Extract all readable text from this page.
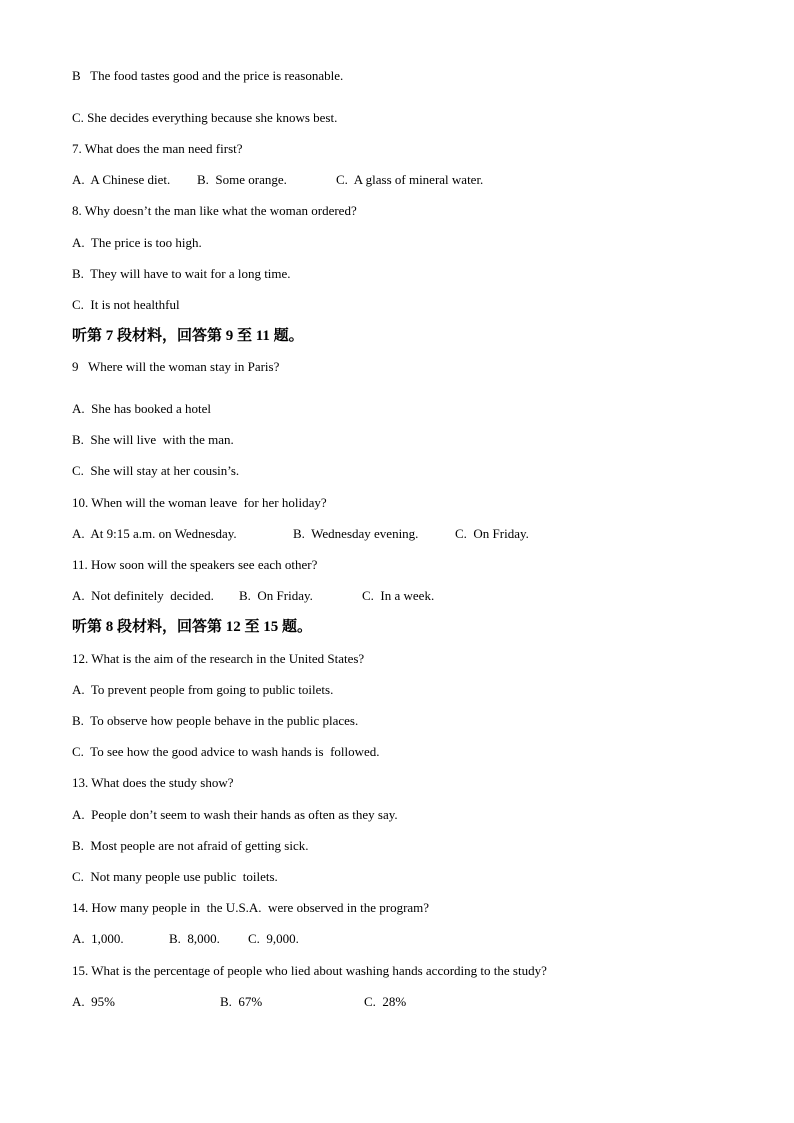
B   The food tastes good and the price is reasonable.
C. She decides everything because she knows best.
7. What does the man need first?
A.  A Chinese diet. B.  Some orange.	C.  A glass of mineral water.
8. Why doesn’t the man like what the woman ordered?
A.  The price is too high.
B.  They will have to wait for a long time.
C.  It is not healthful
听第 7 段材料，回答第 9 至 11 题。
9   Where will the woman stay in Paris?
A.  She has booked a hotel
B.  She will live  with the man.
C.  She will stay at her cousin’s.
10. When will the woman leave  for her holiday?
A.  At 9:15 a.m. on Wednesday.	B.  Wednesday evening.	C.  On Friday.
11. How soon will the speakers see each other?
A.  Not definitely  decided. B.  On Friday.	C.  In a week.
听第 8 段材料，回答第 12 至 15 题。
12. What is the aim of the research in the United States?
A.  To prevent people from going to public toilets.
B.  To observe how people behave in the public places.
C.  To see how the good advice to wash hands is  followed.
13. What does the study show?
A.  People don’t seem to wash their hands as often as they say.
B.  Most people are not afraid of getting sick.
C.  Not many people use public  toilets.
14. How many people in  the U.S.A.  were observed in the program?
A.  1,000.	B.  8,000. C.  9,000.
15. What is the percentage of people who lied about washing hands according to the study?
A.  95%	B.  67%	C.  28%
